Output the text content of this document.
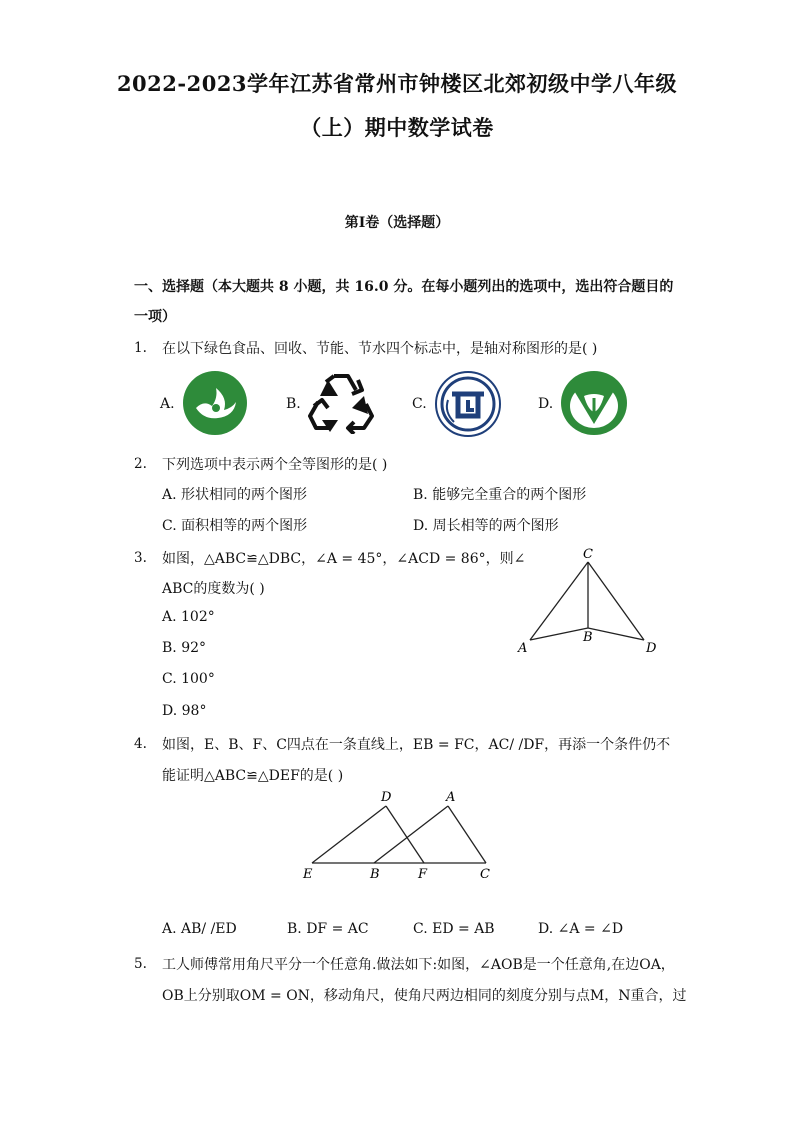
2022-2023学年江苏省常州市钟楼区北郊初级中学八年级
（上）期中数学试卷
第I卷（选择题）
一、选择题（本大题共 8 小题，共 16.0 分。在每小题列出的选项中，选出符合题目的
一项）
1. 在以下绿色食品、回收、节能、节水四个标志中，是轴对称图形的是( )
A.	B.	C.	D.
2. 下列选项中表示两个全等图形的是( )
A. 形状相同的两个图形	B. 能够完全重合的两个图形
C. 面积相等的两个图形	D. 周长相等的两个图形
3. 如图，△ABC≌△DBC，∠A = 45°，∠ACD = 86°，则∠
ABC的度数为( )
A. 102°
B. 92°
C. 100°
D. 98°
C
B
A	D
4. 如图，E、B、F、C四点在一条直线上，EB = FC，AC/ /DF，再添一个条件仍不
能证明△ABC≌△DEF的是( )
D	A
E	B	F	C
A. AB/ /ED	B. DF = AC	C. ED = AB	D. ∠A = ∠D
5. 工人师傅常用角尺平分一个任意角.做法如下:如图，∠AOB是一个任意角,在边OA，
OB上分别取OM = ON，移动角尺，使角尺两边相同的刻度分别与点M，N重合，过
